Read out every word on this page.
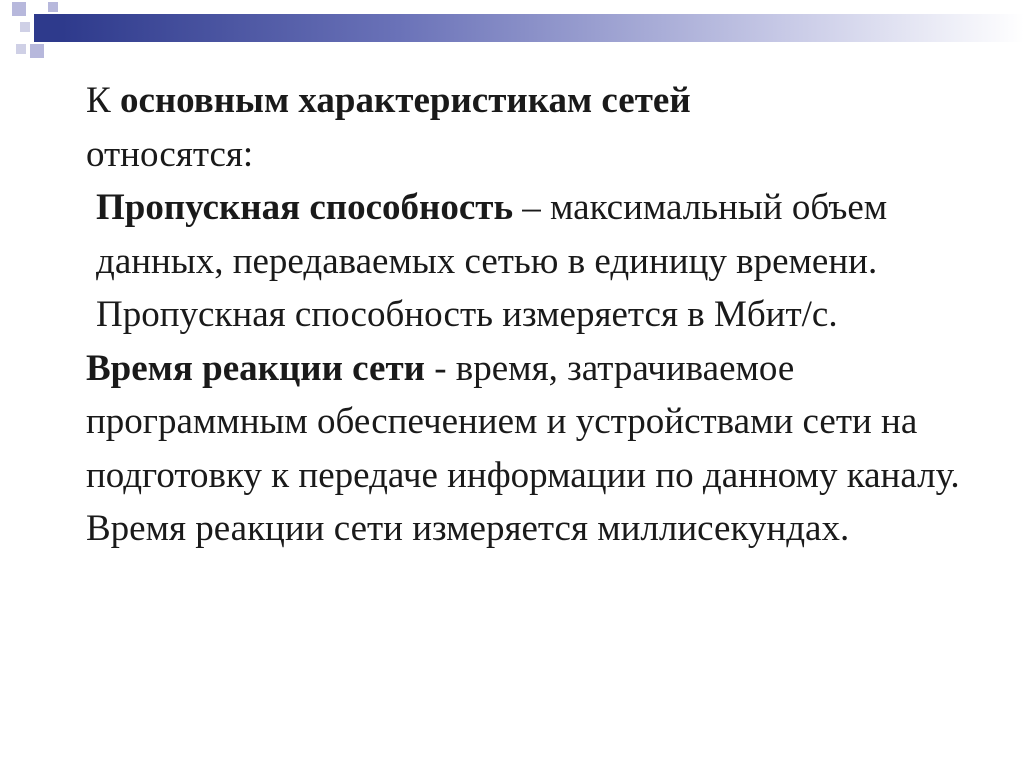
К основным характеристикам сетей
относятся:

Пропускная способность – максимальный объем данных, передаваемых сетью в единицу времени. Пропускная способность измеряется в Мбит/с.

Время реакции сети - время, затрачиваемое программным обеспечением и устройствами сети на подготовку к передаче информации по данному каналу. Время реакции сети измеряется миллисекундах.
